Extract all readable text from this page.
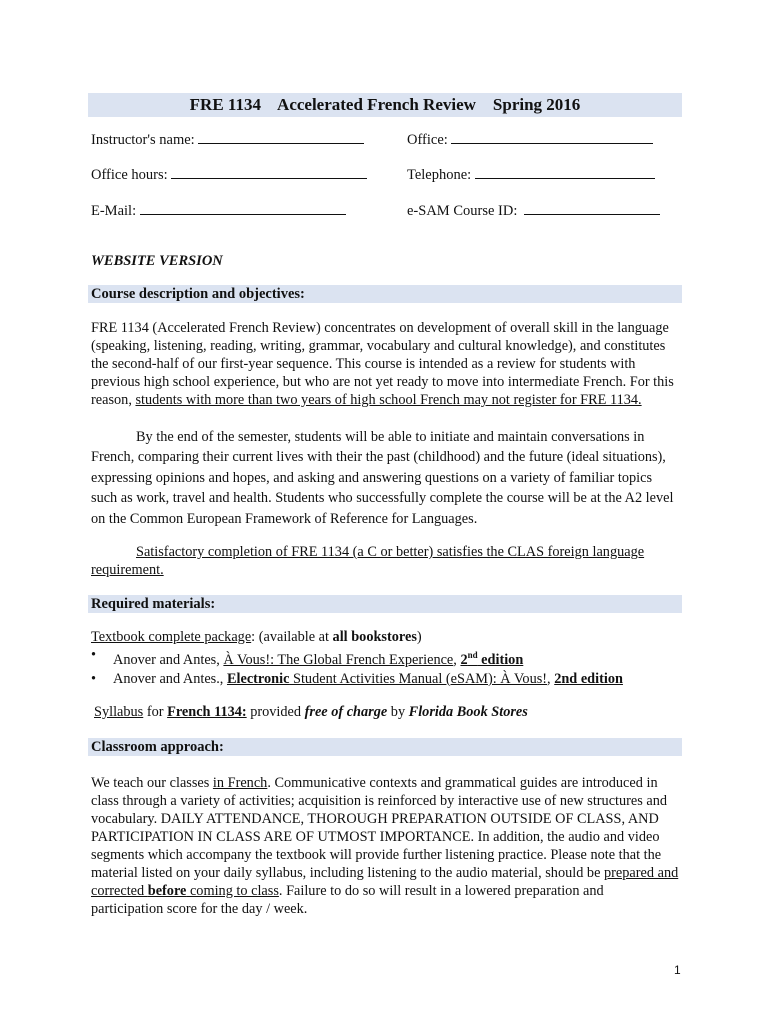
FRE 1134    Accelerated French Review    Spring 2016
Instructor's name:	Office:
Office hours:	Telephone:
E-Mail:	e-SAM Course ID:
WEBSITE VERSION
Course description and objectives:
FRE 1134 (Accelerated French Review) concentrates on development of overall skill in the language (speaking, listening, reading, writing, grammar, vocabulary and cultural knowledge), and constitutes the second-half of our first-year sequence. This course is intended as a review for students with previous high school experience, but who are not yet ready to move into intermediate French. For this reason, students with more than two years of high school French may not register for FRE 1134.
By the end of the semester, students will be able to initiate and maintain conversations in French, comparing their current lives with their the past (childhood) and the future (ideal situations), expressing opinions and hopes, and asking and answering questions on a variety of familiar topics such as work, travel and health. Students who successfully complete the course will be at the A2 level on the Common European Framework of Reference for Languages.
Satisfactory completion of FRE 1134 (a C or better) satisfies the CLAS foreign language requirement.
Required materials:
Textbook complete package: (available at all bookstores)
• Anover and Antes, À Vous!: The Global French Experience, 2nd edition
• Anover and Antes., Electronic Student Activities Manual (eSAM): À Vous!, 2nd edition
Syllabus for French 1134: provided free of charge by Florida Book Stores
Classroom approach:
We teach our classes in French. Communicative contexts and grammatical guides are introduced in class through a variety of activities; acquisition is reinforced by interactive use of new structures and vocabulary. DAILY ATTENDANCE, THOROUGH PREPARATION OUTSIDE OF CLASS, AND PARTICIPATION IN CLASS ARE OF UTMOST IMPORTANCE. In addition, the audio and video segments which accompany the textbook will provide further listening practice. Please note that the material listed on your daily syllabus, including listening to the audio material, should be prepared and corrected before coming to class. Failure to do so will result in a lowered preparation and participation score for the day / week.
1
